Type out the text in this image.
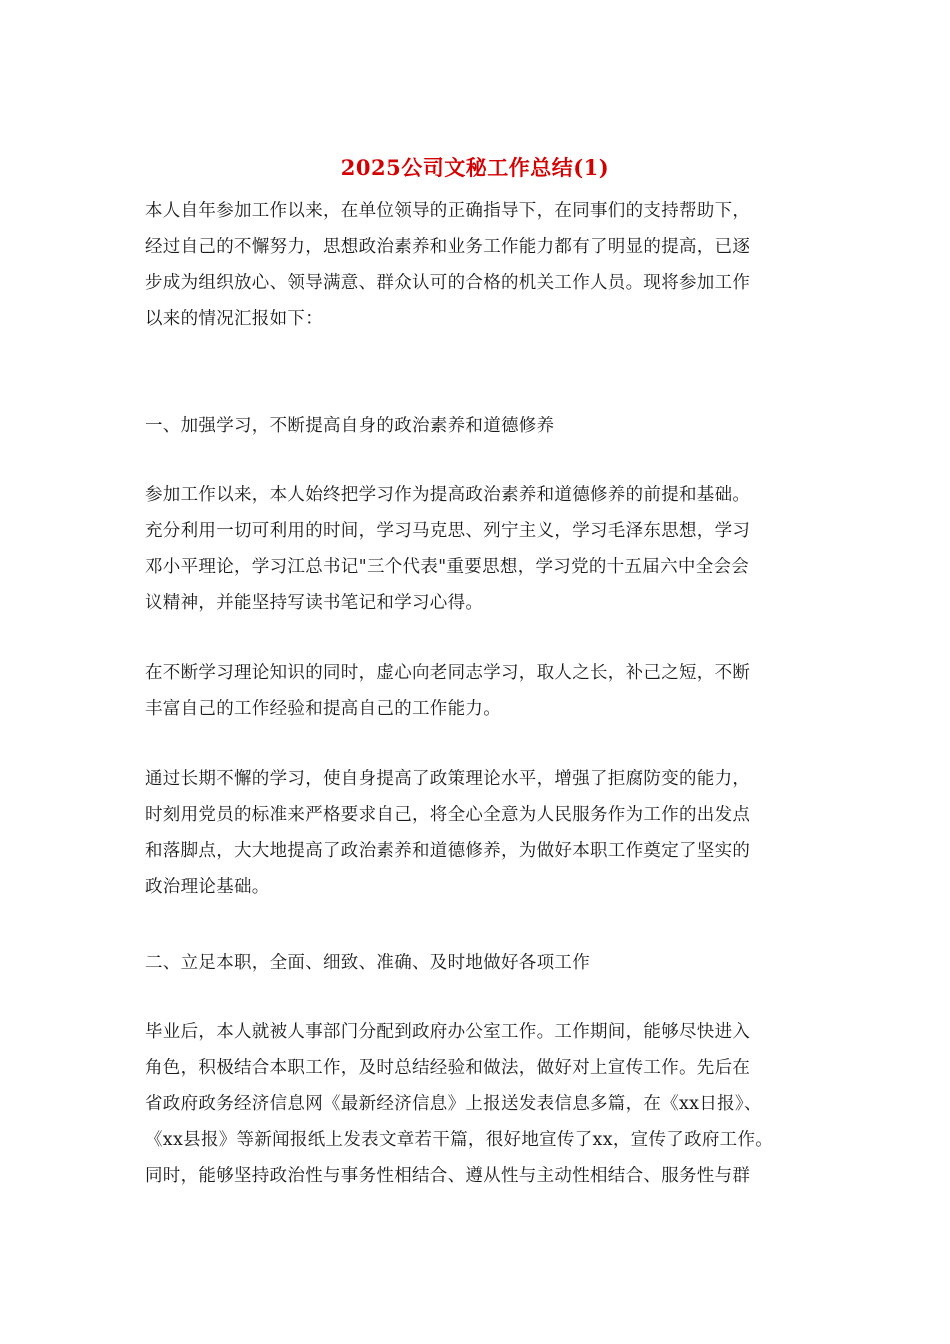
2025公司文秘工作总结(1)
本人自年参加工作以来，在单位领导的正确指导下，在同事们的支持帮助下，
经过自己的不懈努力，思想政治素养和业务工作能力都有了明显的提高，已逐
步成为组织放心、领导满意、群众认可的合格的机关工作人员。现将参加工作
以来的情况汇报如下：
一、加强学习，不断提高自身的政治素养和道德修养
参加工作以来，本人始终把学习作为提高政治素养和道德修养的前提和基础。
充分利用一切可利用的时间，学习马克思、列宁主义，学习毛泽东思想，学习
邓小平理论，学习江总书记"三个代表"重要思想，学习党的十五届六中全会会
议精神，并能坚持写读书笔记和学习心得。
在不断学习理论知识的同时，虚心向老同志学习，取人之长，补己之短，不断
丰富自己的工作经验和提高自己的工作能力。
通过长期不懈的学习，使自身提高了政策理论水平，增强了拒腐防变的能力，
时刻用党员的标准来严格要求自己，将全心全意为人民服务作为工作的出发点
和落脚点，大大地提高了政治素养和道德修养，为做好本职工作奠定了坚实的
政治理论基础。
二、立足本职，全面、细致、准确、及时地做好各项工作
毕业后，本人就被人事部门分配到政府办公室工作。工作期间，能够尽快进入
角色，积极结合本职工作，及时总结经验和做法，做好对上宣传工作。先后在
省政府政务经济信息网《最新经济信息》上报送发表信息多篇，在《xx日报》、
《xx县报》等新闻报纸上发表文章若干篇，很好地宣传了xx，宣传了政府工作。
同时，能够坚持政治性与事务性相结合、遵从性与主动性相结合、服务性与群
